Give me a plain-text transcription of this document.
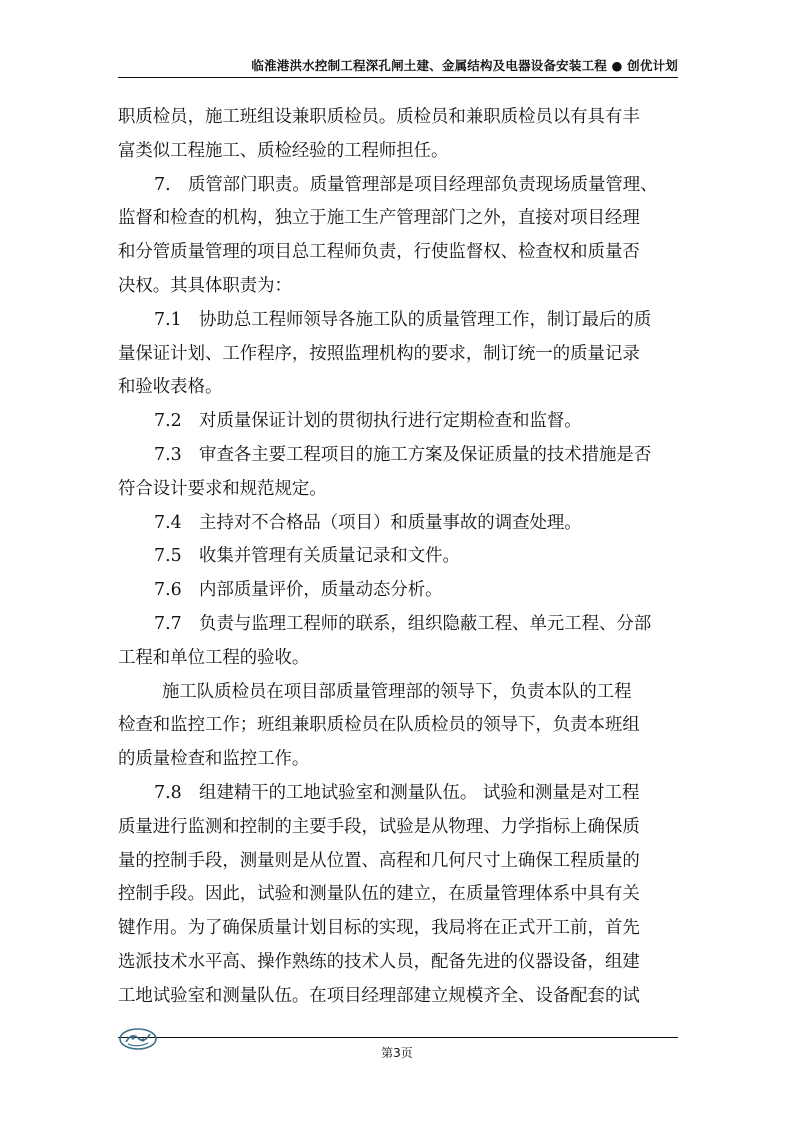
临淮港洪水控制工程深孔闸土建、金属结构及电器设备安装工程 ● 创优计划
职质检员，施工班组设兼职质检员。质检员和兼职质检员以有具有丰
富类似工程施工、质检经验的工程师担任。
7.　质管部门职责。质量管理部是项目经理部负责现场质量管理、
监督和检查的机构，独立于施工生产管理部门之外，直接对项目经理
和分管质量管理的项目总工程师负责，行使监督权、检查权和质量否
决权。其具体职责为：
7.1　协助总工程师领导各施工队的质量管理工作，制订最后的质
量保证计划、工作程序，按照监理机构的要求，制订统一的质量记录
和验收表格。
7.2　对质量保证计划的贯彻执行进行定期检查和监督。
7.3　审查各主要工程项目的施工方案及保证质量的技术措施是否
符合设计要求和规范规定。
7.4　主持对不合格品（项目）和质量事故的调查处理。
7.5　收集并管理有关质量记录和文件。
7.6　内部质量评价，质量动态分析。
7.7　负责与监理工程师的联系，组织隐蔽工程、单元工程、分部
工程和单位工程的验收。
施工队质检员在项目部质量管理部的领导下，负责本队的工程
检查和监控工作；班组兼职质检员在队质检员的领导下，负责本班组
的质量检查和监控工作。
7.8　组建精干的工地试验室和测量队伍。 试验和测量是对工程
质量进行监测和控制的主要手段，试验是从物理、力学指标上确保质
量的控制手段，测量则是从位置、高程和几何尺寸上确保工程质量的
控制手段。因此，试验和测量队伍的建立，在质量管理体系中具有关
键作用。为了确保质量计划目标的实现，我局将在正式开工前，首先
选派技术水平高、操作熟练的技术人员，配备先进的仪器设备，组建
工地试验室和测量队伍。在项目经理部建立规模齐全、设备配套的试
第3页
